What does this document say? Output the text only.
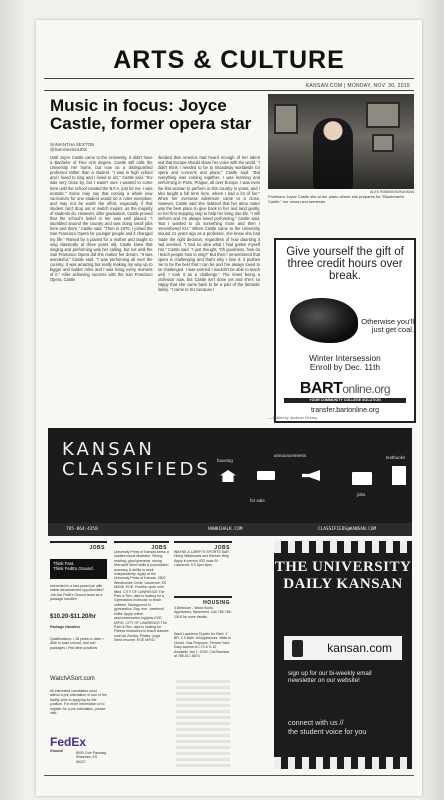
ARTS & CULTURE
KANSAN.COM | MONDAY, NOV. 30, 2015
Music in focus: Joyce Castle, former opera star
SAMANTHA SEXTON
@SamSextonUDK
Until Joyce Castle came to the University, it didn't have a Bachelor of Fine Arts degree. Castle still calls the University her home, but now as a distinguished professor rather than a student. "I was in high school and I loved to sing and I loved to act," Castle said. "KU was very close by, but I wasn't sure I wanted to come here until the school created the B.F.A. just for me. I was ecstatic." Some may say that coming a whole new curriculum for one student would be a rules exception, and may not be worth the effort, especially if that student can't drop out or switch majors, as the majority of students do. However, after graduation, Castle proved that the school's belief in her was well placed. "I stumbled around the country and was doing small jobs here and there," Castle said. "Then in 1970, I joined the San Francisco Opera for younger people and it changed my life." Raised by a pianist for a mother and taught to sing classically at three years old, Castle knew that singing and performing was her calling, but not until the San Francisco Opera did she realize her dream. "It was wonderful," Castle said. "I was performing all over the country. It was amazing but really making my way up to bigger and bolder roles and I was living every moment of it." After achieving success with the San Francisco Opera, Castle
decided that America had heard enough of her talent and that Europe should share her voice with the world. "I didn't think I needed to be to Broadway worldwide for opera and concerts and plans," Castle said. "But everything was coming together. I was learning and performing in Paris, Prague, all over Europe. I was even the first woman to perform in this country in years, and I also taught a full term here, where I had a lot of fun." When her overseas adventure came to a close, however, Castle said she realized that her alma mater was the best place to give back to her and land gently, so her first stopping stop to help her bring into life. "I still perform and I'm always loved performing," Castle said. "But I wanted to do something more and then I remembered KU." When Castle came to the University around 21 years ago as a professor, she knew she had made the right decision, regardless of how daunting it had seemed. "I had no idea what I had gotten myself into," Castle said. "I just thought, 'Oh goodness, how do I teach people how to sing?' But then I remembered that opera is challenging and that's why I love it: it pushes me to be the best that I can be and I've always loved to be challenged. I was worried I wouldn't be able to teach well. I took it as a challenge." The times being a professor now, but Castle isn't done yet and she's so happy that she came back to be a part of the fantastic family. "I came to KU because I
ALEX ROBINSON/KANSAN
Professor Joyce Castle sits at her piano where she prepares for "Bluebeard's Castle," her show next semester.
Give yourself the gift of three credit hours over break.
Otherwise you'll just get coal.
Winter Intersession
Enroll by Dec. 11th
BARTonline.org
YOUR COMMUNITY COLLEGE SOLUTION
transfer.bartonline.org
— Edited by Jackson Vickery
KANSAN
CLASSIFIEDS housing
for sale
announcements
jobs
textbooks
785-864-4358	HAWKCHALK.COM	CLASSIFIEDS@KANSAN.COM
JOBS
Think Fast.
Think FedEx Ground.
Interested in a fast-paced job with stable advancement opportunities? Join the FedEx Ground team as a package handler!
$10.20-$11.20/hr
Package Handlers
Qualifications: • 18 years or older • Able to load, unload, and sort packages • Part-time positions
WatchASort.com
All interested candidates must attend a pre-orientation or tour of the facility prior to applying for the position. For more information or to register for a pre-orientation, please visit:
FedEx
Ground	8000 Cole Parkway
Shawnee, KS 66227
JOBS
University Press of Kansas seeks a student mural illustrator. Strong reading, good grammar, strong Microsoft Word skills & punctuation accuracy & ability to work independently. Apply at the University Press of Kansas. 2502 Westbrooke Circle. Lawrence, KS 66045. EOE. Position open until filled. CITY OF LAWRENCE The Park & Rec. dept is looking for a Gymnastics Instructor to teach children. Background in gymnastics. Day, eve., weekend shifts. Apply online. www.lawrenceks.org/jobs EOE M/F/D. CITY OF LAWRENCE The Park & Rec. dept is looking for Fitness instructors to teach classes such as Zumba, Pilates, yoga. Send resume. EOE M/F/D.
JOBS
WAYNE & LARRY'S SPORTS BAR. Hiring Waitresses and Kitchen Help. Apply in person 933 Iowa St. Lawrence, KS 5pm-9pm.
HOUSING
3 Bedroom - Wood floors, Appliances, Basement. Call 785-766-1518 for more details.
Want Lawrence Duplex for Rent. 3 BR, 2.5 Bath. All Appliances. Walk-in Closet. Gas Fireplace, Fenced Yard. Easy access to I-70 & K-10. Available Jan 1. 2015. Call Barbara at 785-617-8674.
THE UNIVERSITY
DAILY KANSAN
kansan.com
sign up for our bi-weekly email newsletter on our website!
connect with us //
the student voice for you
